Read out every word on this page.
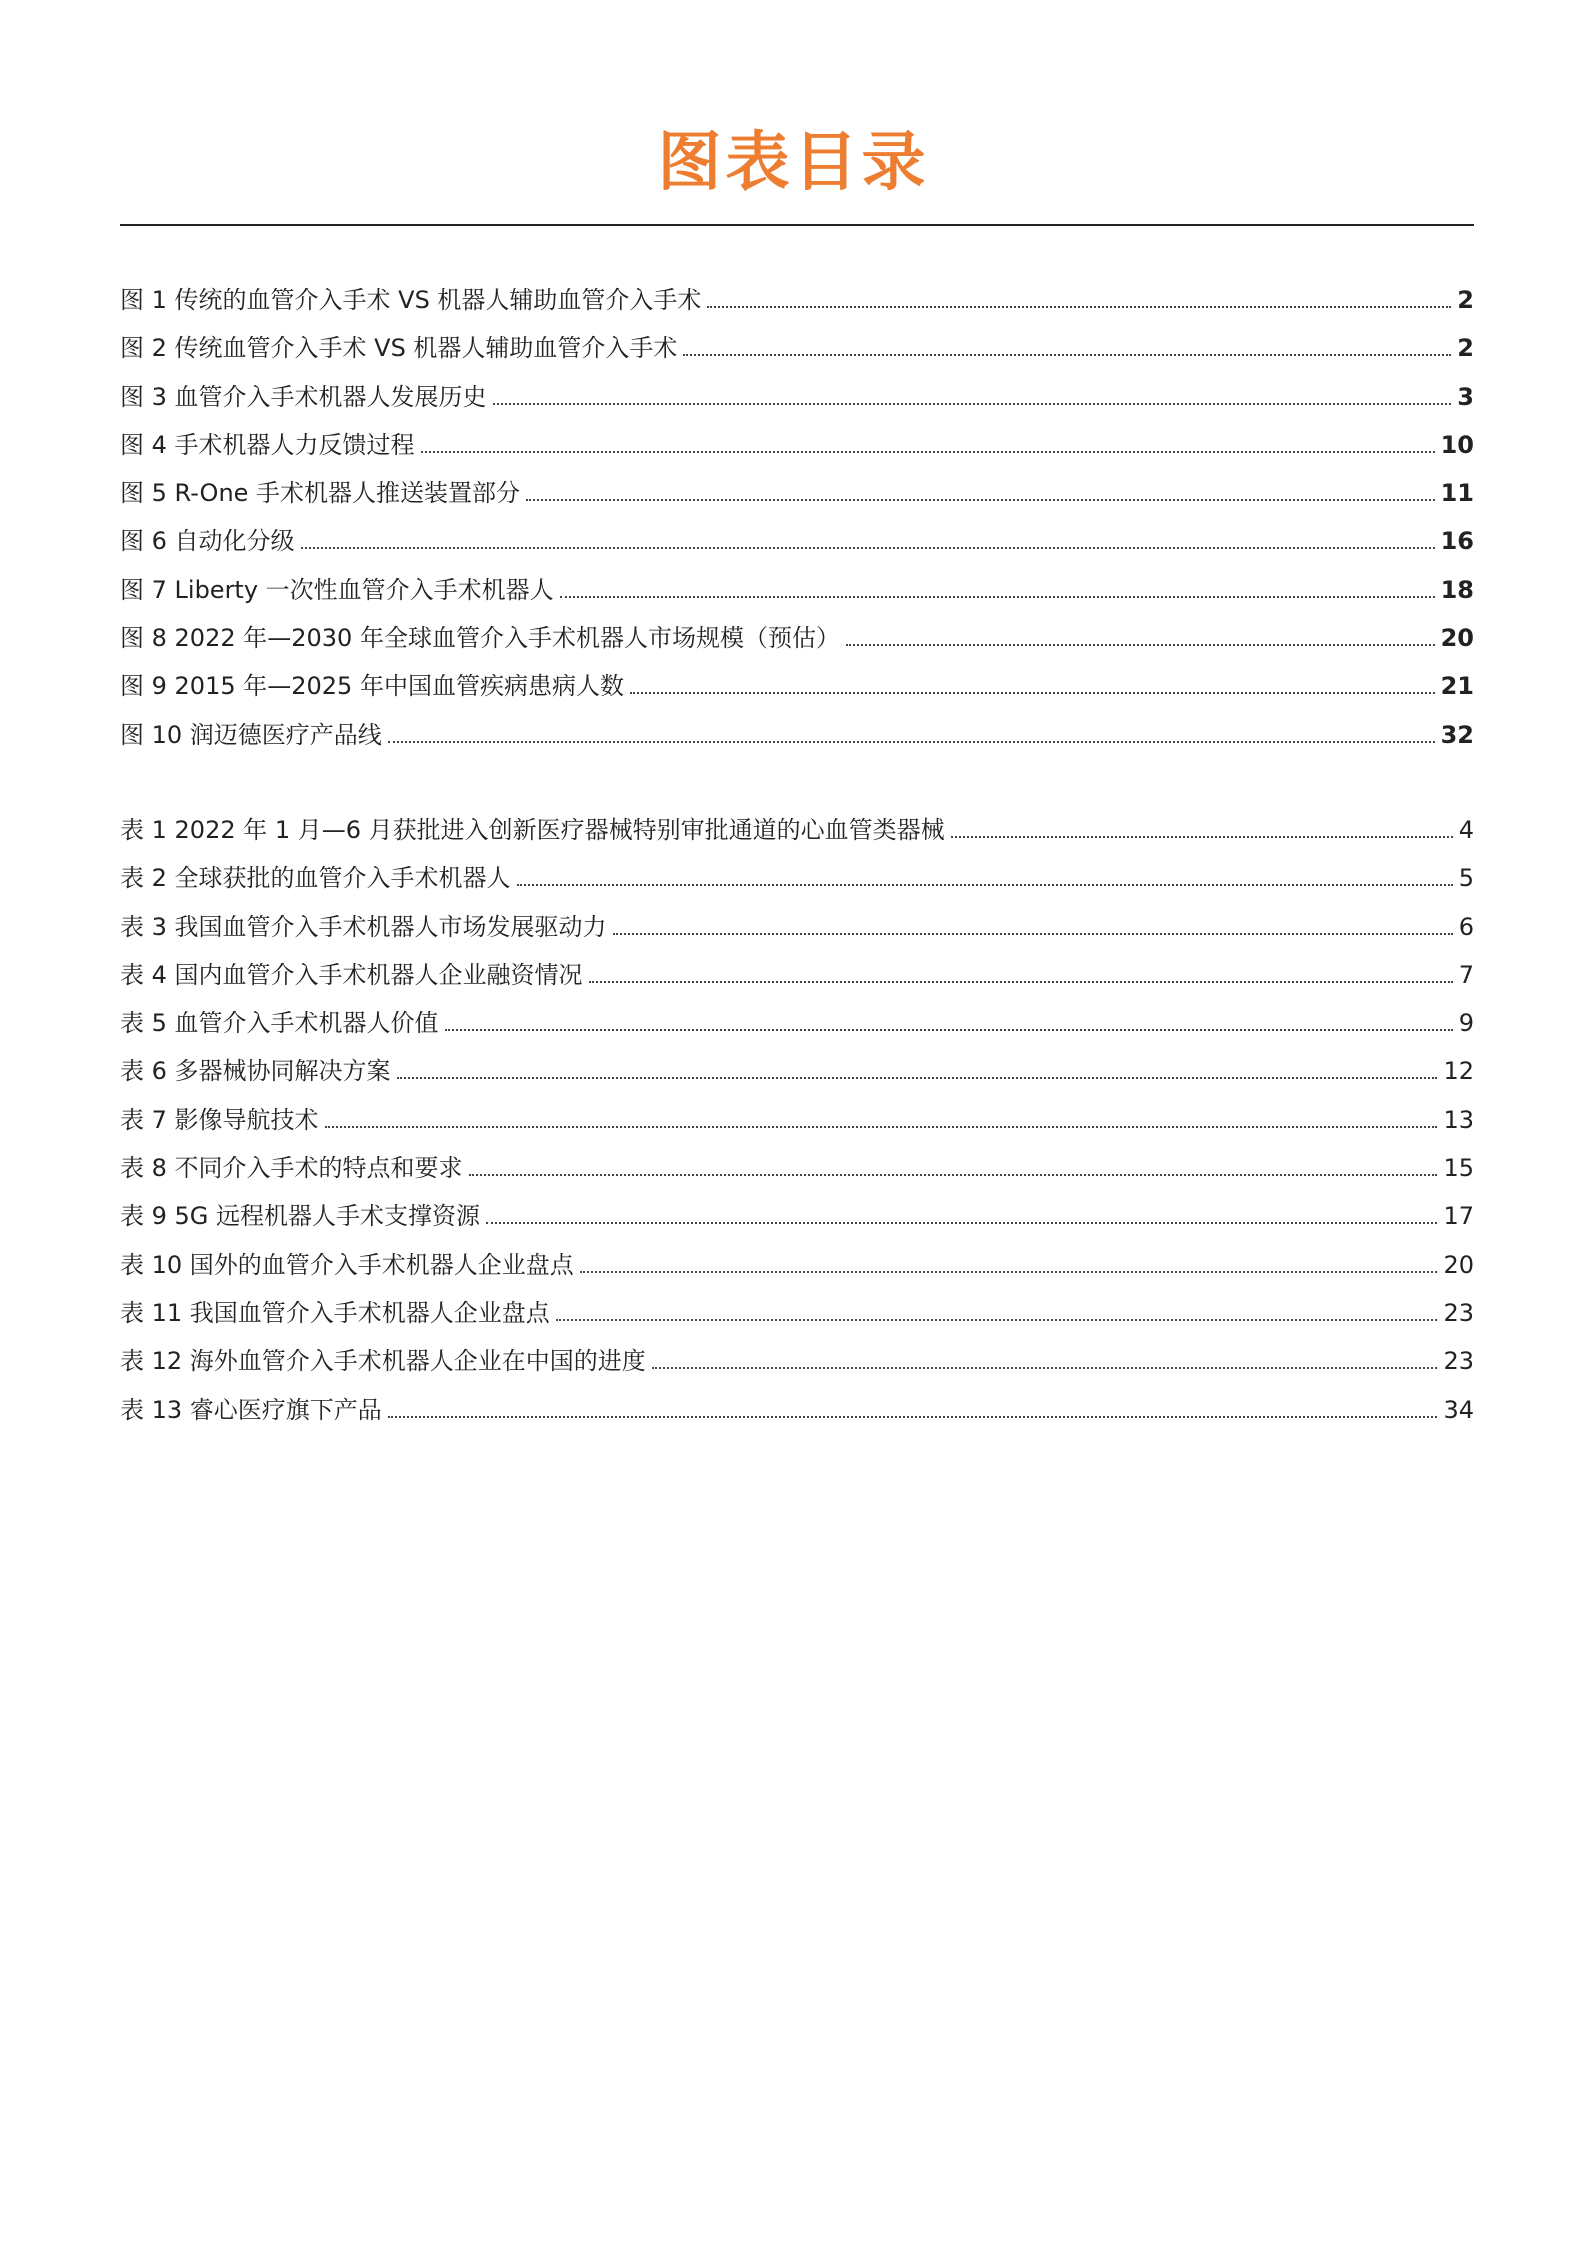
图表目录
图 1 传统的血管介入手术 VS 机器人辅助血管介入手术	2
图 2 传统血管介入手术 VS 机器人辅助血管介入手术	2
图 3 血管介入手术机器人发展历史	3
图 4 手术机器人力反馈过程	10
图 5 R-One 手术机器人推送装置部分	11
图 6 自动化分级	16
图 7 Liberty 一次性血管介入手术机器人	18
图 8 2022 年—2030 年全球血管介入手术机器人市场规模（预估）	20
图 9 2015 年—2025 年中国血管疾病患病人数	21
图 10 润迈德医疗产品线	32
表 1 2022 年 1 月—6 月获批进入创新医疗器械特别审批通道的心血管类器械	4
表 2 全球获批的血管介入手术机器人	5
表 3 我国血管介入手术机器人市场发展驱动力	6
表 4 国内血管介入手术机器人企业融资情况	7
表 5 血管介入手术机器人价值	9
表 6 多器械协同解决方案	12
表 7 影像导航技术	13
表 8 不同介入手术的特点和要求	15
表 9 5G 远程机器人手术支撑资源	17
表 10 国外的血管介入手术机器人企业盘点	20
表 11 我国血管介入手术机器人企业盘点	23
表 12 海外血管介入手术机器人企业在中国的进度	23
表 13 睿心医疗旗下产品	34
